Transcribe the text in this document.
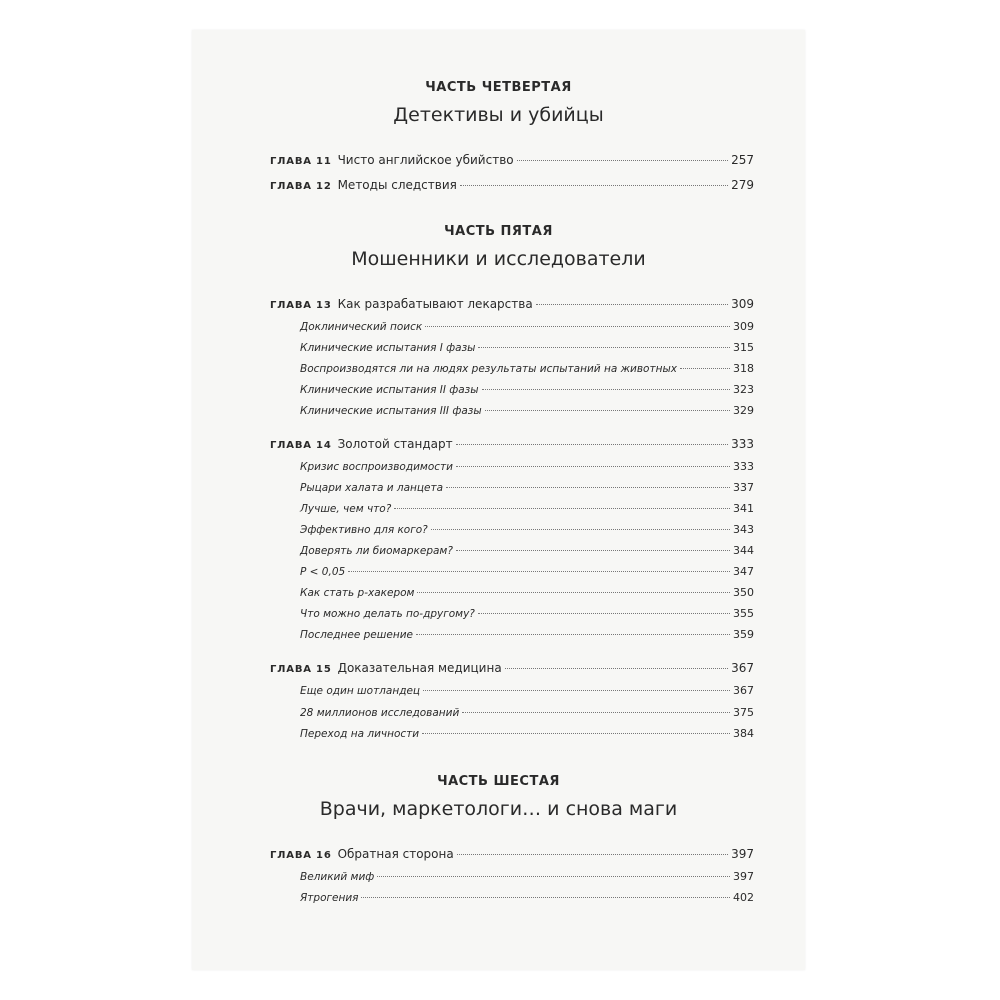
ЧАСТЬ ЧЕТВЕРТАЯ
Детективы и убийцы
ГЛАВА 11 Чисто английское убийство	257
ГЛАВА 12 Методы следствия	279
ЧАСТЬ ПЯТАЯ
Мошенники и исследователи
ГЛАВА 13 Как разрабатывают лекарства	309
Доклинический поиск	309
Клинические испытания I фазы	315
Воспроизводятся ли на людях результаты испытаний на животных	318
Клинические испытания II фазы	323
Клинические испытания III фазы	329
ГЛАВА 14 Золотой стандарт	333
Кризис воспроизводимости	333
Рыцари халата и ланцета	337
Лучше, чем что?	341
Эффективно для кого?	343
Доверять ли биомаркерам?	344
P < 0,05	347
Как стать p-хакером	350
Что можно делать по-другому?	355
Последнее решение	359
ГЛАВА 15 Доказательная медицина	367
Еще один шотландец	367
28 миллионов исследований	375
Переход на личности	384
ЧАСТЬ ШЕСТАЯ
Врачи, маркетологи… и снова маги
ГЛАВА 16 Обратная сторона	397
Великий миф	397
Ятрогения	402
